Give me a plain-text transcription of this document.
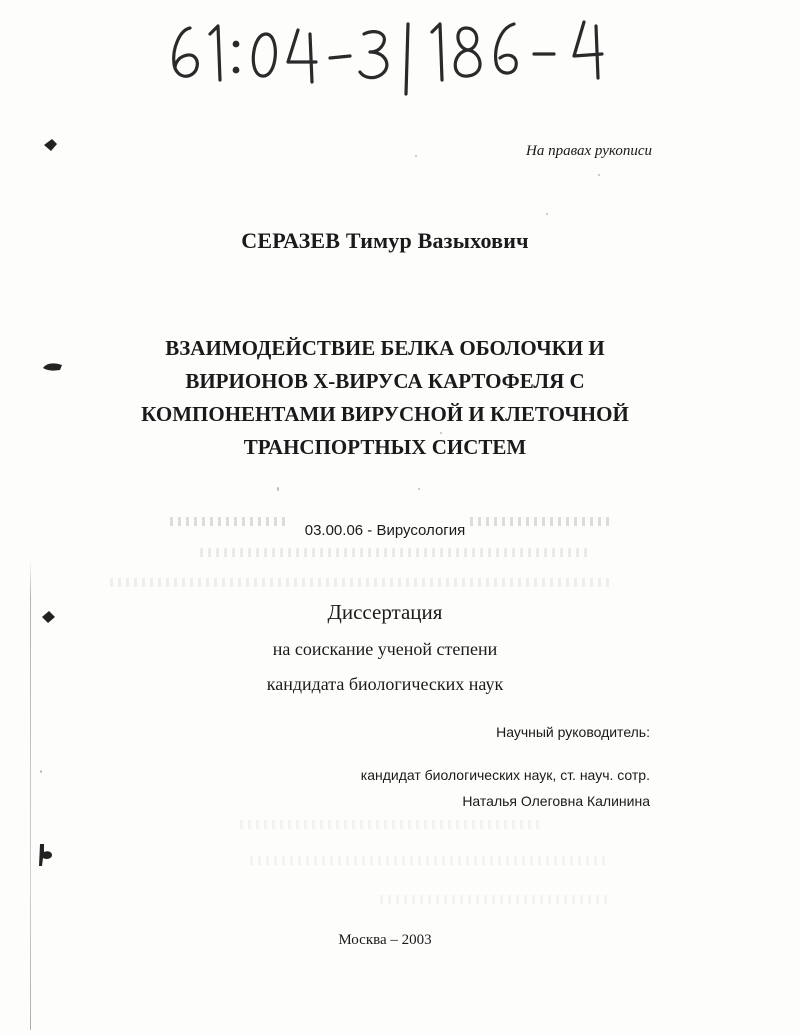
На правах рукописи
СЕРАЗЕВ Тимур Вазыхович
ВЗАИМОДЕЙСТВИЕ БЕЛКА ОБОЛОЧКИ И
ВИРИОНОВ Х-ВИРУСА КАРТОФЕЛЯ С
КОМПОНЕНТАМИ ВИРУСНОЙ И КЛЕТОЧНОЙ
ТРАНСПОРТНЫХ СИСТЕМ
03.00.06 - Вирусология
Диссертация
на соискание ученой степени
кандидата биологических наук
Научный руководитель:
кандидат биологических наук, ст. науч. сотр.
Наталья Олеговна Калинина
Москва – 2003
